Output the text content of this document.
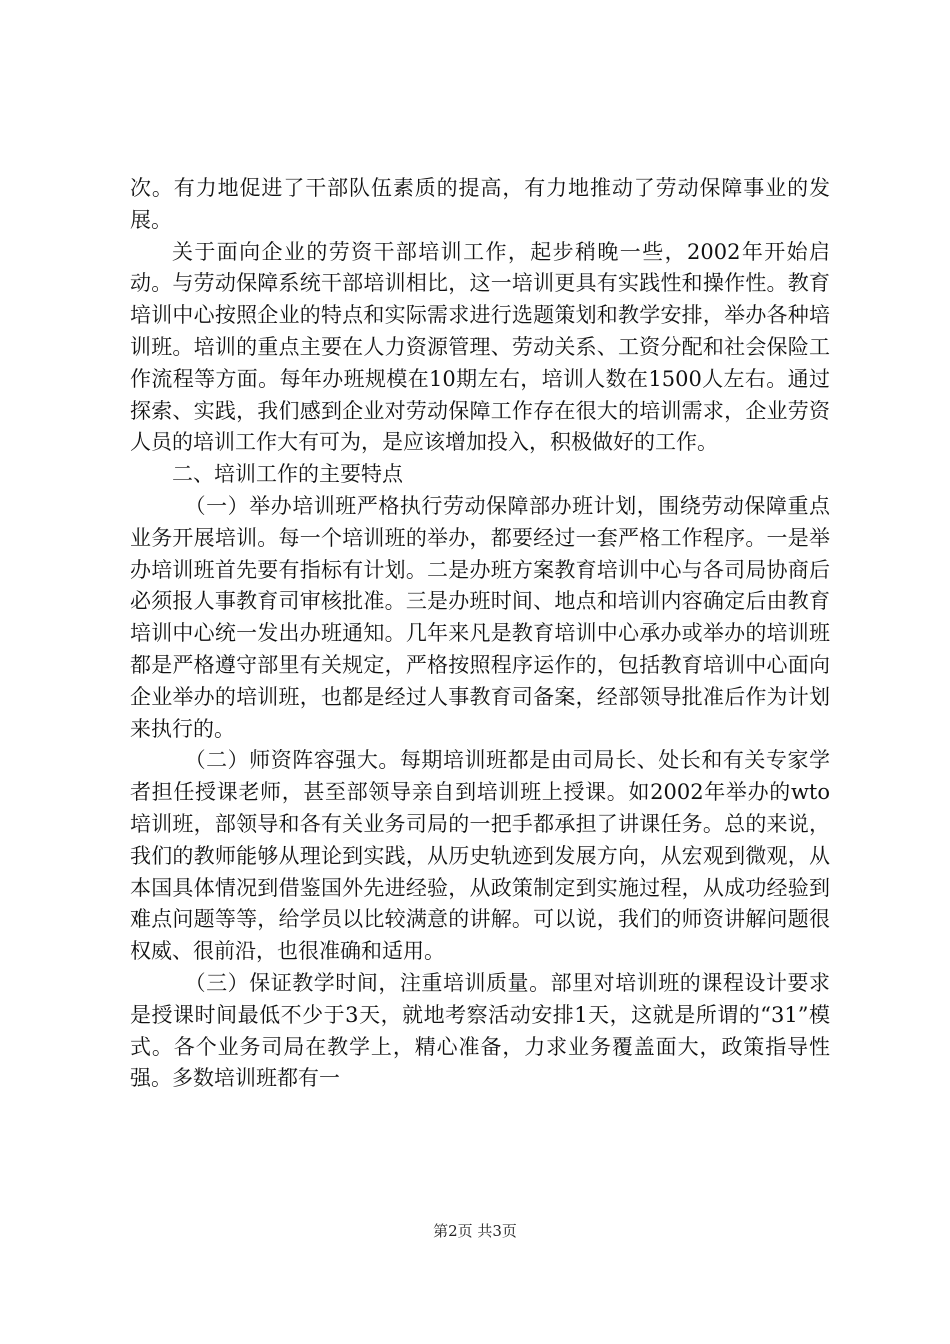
次。有力地促进了干部队伍素质的提高，有力地推动了劳动保障事业的发展。

关于面向企业的劳资干部培训工作，起步稍晚一些，2002年开始启动。与劳动保障系统干部培训相比，这一培训更具有实践性和操作性。教育培训中心按照企业的特点和实际需求进行选题策划和教学安排，举办各种培训班。培训的重点主要在人力资源管理、劳动关系、工资分配和社会保险工作流程等方面。每年办班规模在10期左右，培训人数在1500人左右。通过探索、实践，我们感到企业对劳动保障工作存在很大的培训需求，企业劳资人员的培训工作大有可为，是应该增加投入，积极做好的工作。

二、培训工作的主要特点

（一）举办培训班严格执行劳动保障部办班计划，围绕劳动保障重点业务开展培训。每一个培训班的举办，都要经过一套严格工作程序。一是举办培训班首先要有指标有计划。二是办班方案教育培训中心与各司局协商后必须报人事教育司审核批准。三是办班时间、地点和培训内容确定后由教育培训中心统一发出办班通知。几年来凡是教育培训中心承办或举办的培训班都是严格遵守部里有关规定，严格按照程序运作的，包括教育培训中心面向企业举办的培训班，也都是经过人事教育司备案，经部领导批准后作为计划来执行的。

（二）师资阵容强大。每期培训班都是由司局长、处长和有关专家学者担任授课老师，甚至部领导亲自到培训班上授课。如2002年举办的wto培训班，部领导和各有关业务司局的一把手都承担了讲课任务。总的来说，我们的教师能够从理论到实践，从历史轨迹到发展方向，从宏观到微观，从本国具体情况到借鉴国外先进经验，从政策制定到实施过程，从成功经验到难点问题等等，给学员以比较满意的讲解。可以说，我们的师资讲解问题很权威、很前沿，也很准确和适用。

（三）保证教学时间，注重培训质量。部里对培训班的课程设计要求是授课时间最低不少于3天，就地考察活动安排1天，这就是所谓的“31”模式。各个业务司局在教学上，精心准备，力求业务覆盖面大，政策指导性强。多数培训班都有一

第2页 共3页
